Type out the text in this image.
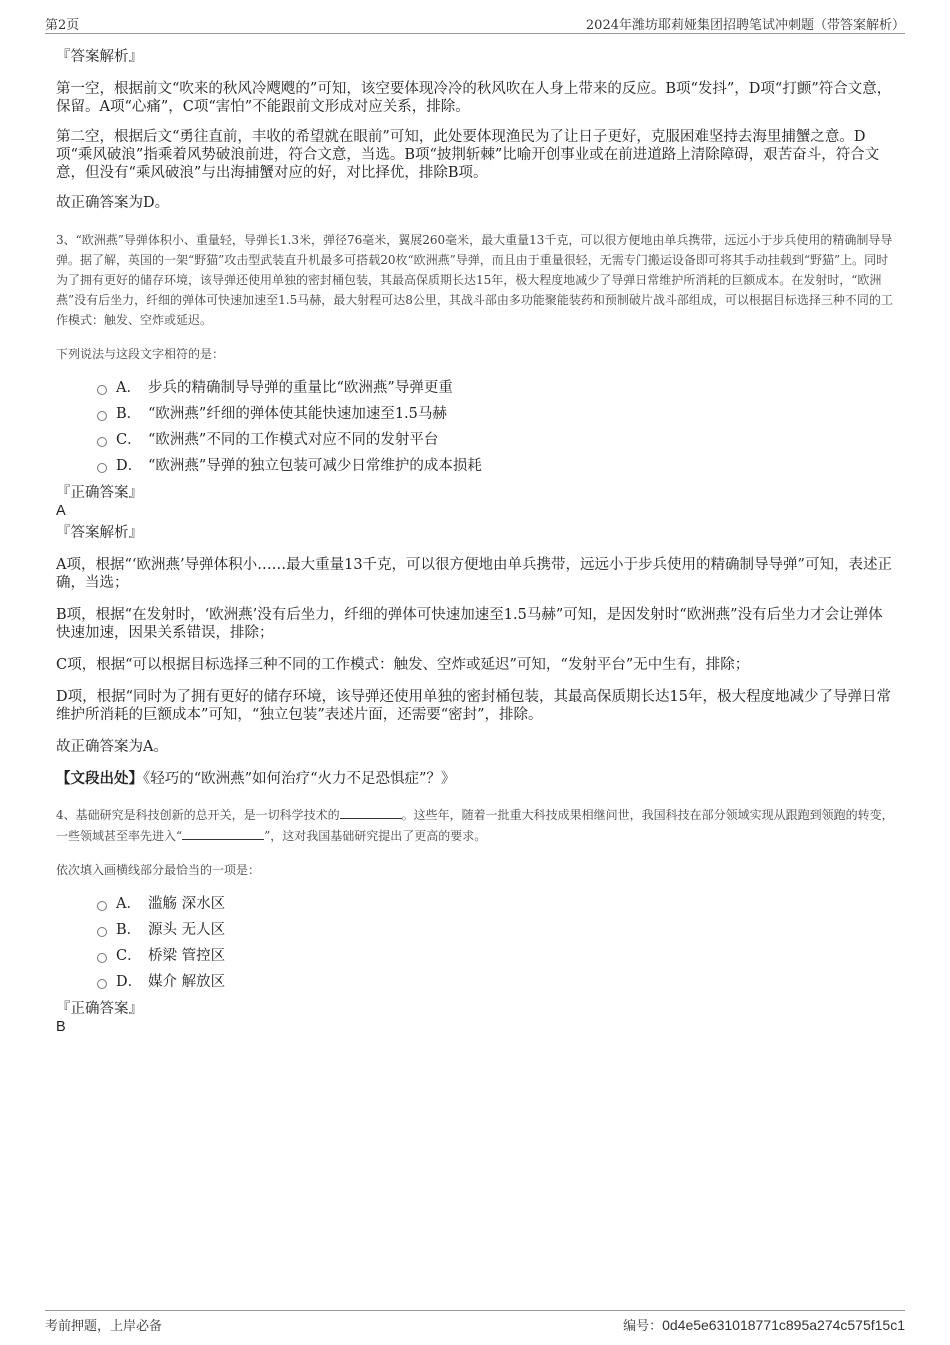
第2页	2024年潍坊耶莉娅集团招聘笔试冲刺题（带答案解析）

『答案解析』

第一空，根据前文“吹来的秋风冷飕飕的”可知，该空要体现冷冷的秋风吹在人身上带来的反应。B项“发抖”，D项“打颤”符合文意，保留。A项“心痛”，C项“害怕”不能跟前文形成对应关系，排除。

第二空，根据后文“勇往直前，丰收的希望就在眼前”可知，此处要体现渔民为了让日子更好，克服困难坚持去海里捕蟹之意。D项“乘风破浪”指乘着风势破浪前进，符合文意，当选。B项“披荆斩棘”比喻开创事业或在前进道路上清除障碍，艰苦奋斗，符合文意，但没有“乘风破浪”与出海捕蟹对应的好，对比择优，排除B项。

故正确答案为D。

3、“欧洲燕”导弹体积小、重量轻，导弹长1.3米，弹径76毫米，翼展260毫米，最大重量13千克，可以很方便地由单兵携带，远远小于步兵使用的精确制导导弹。据了解，英国的一架“野猫”攻击型武装直升机最多可搭载20枚“欧洲燕”导弹，而且由于重量很轻，无需专门搬运设备即可将其手动挂载到“野猫”上。同时为了拥有更好的储存环境，该导弹还使用单独的密封桶包装，其最高保质期长达15年，极大程度地减少了导弹日常维护所消耗的巨额成本。在发射时，“欧洲燕”没有后坐力，纤细的弹体可快速加速至1.5马赫，最大射程可达8公里，其战斗部由多功能聚能装药和预制破片战斗部组成，可以根据目标选择三种不同的工作模式：触发、空炸或延迟。

下列说法与这段文字相符的是：

A． 步兵的精确制导导弹的重量比“欧洲燕”导弹更重
B． “欧洲燕”纤细的弹体使其能快速加速至1.5马赫
C． “欧洲燕”不同的工作模式对应不同的发射平台
D． “欧洲燕”导弹的独立包装可减少日常维护的成本损耗

『正确答案』

A

『答案解析』

A项，根据“‘欧洲燕’导弹体积小……最大重量13千克，可以很方便地由单兵携带，远远小于步兵使用的精确制导导弹”可知，表述正确，当选；

B项，根据“在发射时，‘欧洲燕’没有后坐力，纤细的弹体可快速加速至1.5马赫”可知，是因发射时“欧洲燕”没有后坐力才会让弹体快速加速，因果关系错误，排除；

C项，根据“可以根据目标选择三种不同的工作模式：触发、空炸或延迟”可知，“发射平台”无中生有，排除；

D项，根据“同时为了拥有更好的储存环境，该导弹还使用单独的密封桶包装，其最高保质期长达15年，极大程度地减少了导弹日常维护所消耗的巨额成本”可知，“独立包装”表述片面，还需要“密封”，排除。

故正确答案为A。

【文段出处】《轻巧的“欧洲燕”如何治疗“火力不足恐惧症”？》

4、基础研究是科技创新的总开关，是一切科学技术的	。这些年，随着一批重大科技成果相继问世，我国科技在部分领域实现从跟跑到领跑的转变，一些领域甚至率先进入“	”，这对我国基础研究提出了更高的要求。

依次填入画横线部分最恰当的一项是：

A． 滥觞 深水区
B． 源头 无人区
C． 桥梁 管控区
D． 媒介 解放区

『正确答案』

B

考前押题，上岸必备	编号：0d4e5e631018771c895a274c575f15c1
